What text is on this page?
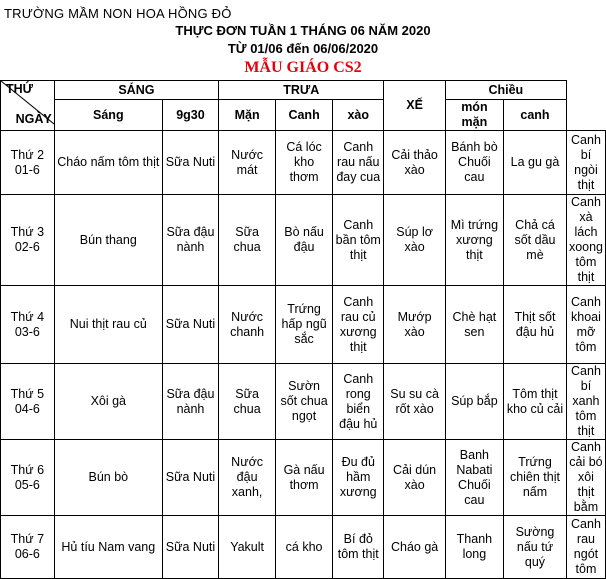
TRƯỜNG MẦM NON HOA HỒNG ĐỎ
THỰC ĐƠN TUẦN 1 THÁNG 06 NĂM 2020
TỪ 01/06 đến 06/06/2020
MẪU GIÁO CS2
THỨ
NGÀY	SÁNG		TRƯA			XẾ	Chiều		
	Sáng	9g30	Mặn	Canh	xào		món mặn	canh	
Thứ 2
01-6	Cháo nấm tôm thịt	Sữa Nuti	Nước mát	Cá lóc kho thơm	Canh rau nấu đay cua	Cải thảo xào	Bánh bò Chuối cau	La gu gà	Canh bí ngòi thịt
Thứ 3
02-6	Bún thang	Sữa đậu nành	Sữa chua	Bò nấu đậu	Canh bần tôm thịt	Súp lơ xào	Mì trứng xương thịt	Chả cá sốt dầu mè	Canh xà lách xoong tôm thịt
Thứ 4
03-6	Nui thịt rau củ	Sữa Nuti	Nước chanh	Trứng hấp ngũ sắc	Canh rau củ xương thịt	Mướp xào	Chè hạt sen	Thịt sốt đậu hủ	Canh khoai mỡ tôm
Thứ 5
04-6	Xôi gà	Sữa đậu nành	Sữa chua	Sườn sốt chua ngọt	Canh rong biển đậu hủ	Su su cà rốt xào	Súp bắp	Tôm thịt kho củ cải	Canh bí xanh tôm thịt
Thứ 6
05-6	Bún bò	Sữa Nuti	Nước đậu xanh,	Gà nấu thơm	Đu đủ hầm xương	Cải dún xào	Banh Nabati Chuối cau	Trứng chiên thịt nấm	Canh cải bó xôi thịt bằm
Thứ 7
06-6	Hủ tíu Nam vang	Sữa Nuti	Yakult	cá kho	Bí đỏ tôm thịt	Cháo gà	Thanh long	Sường nấu tứ quý	Canh rau ngót tôm
